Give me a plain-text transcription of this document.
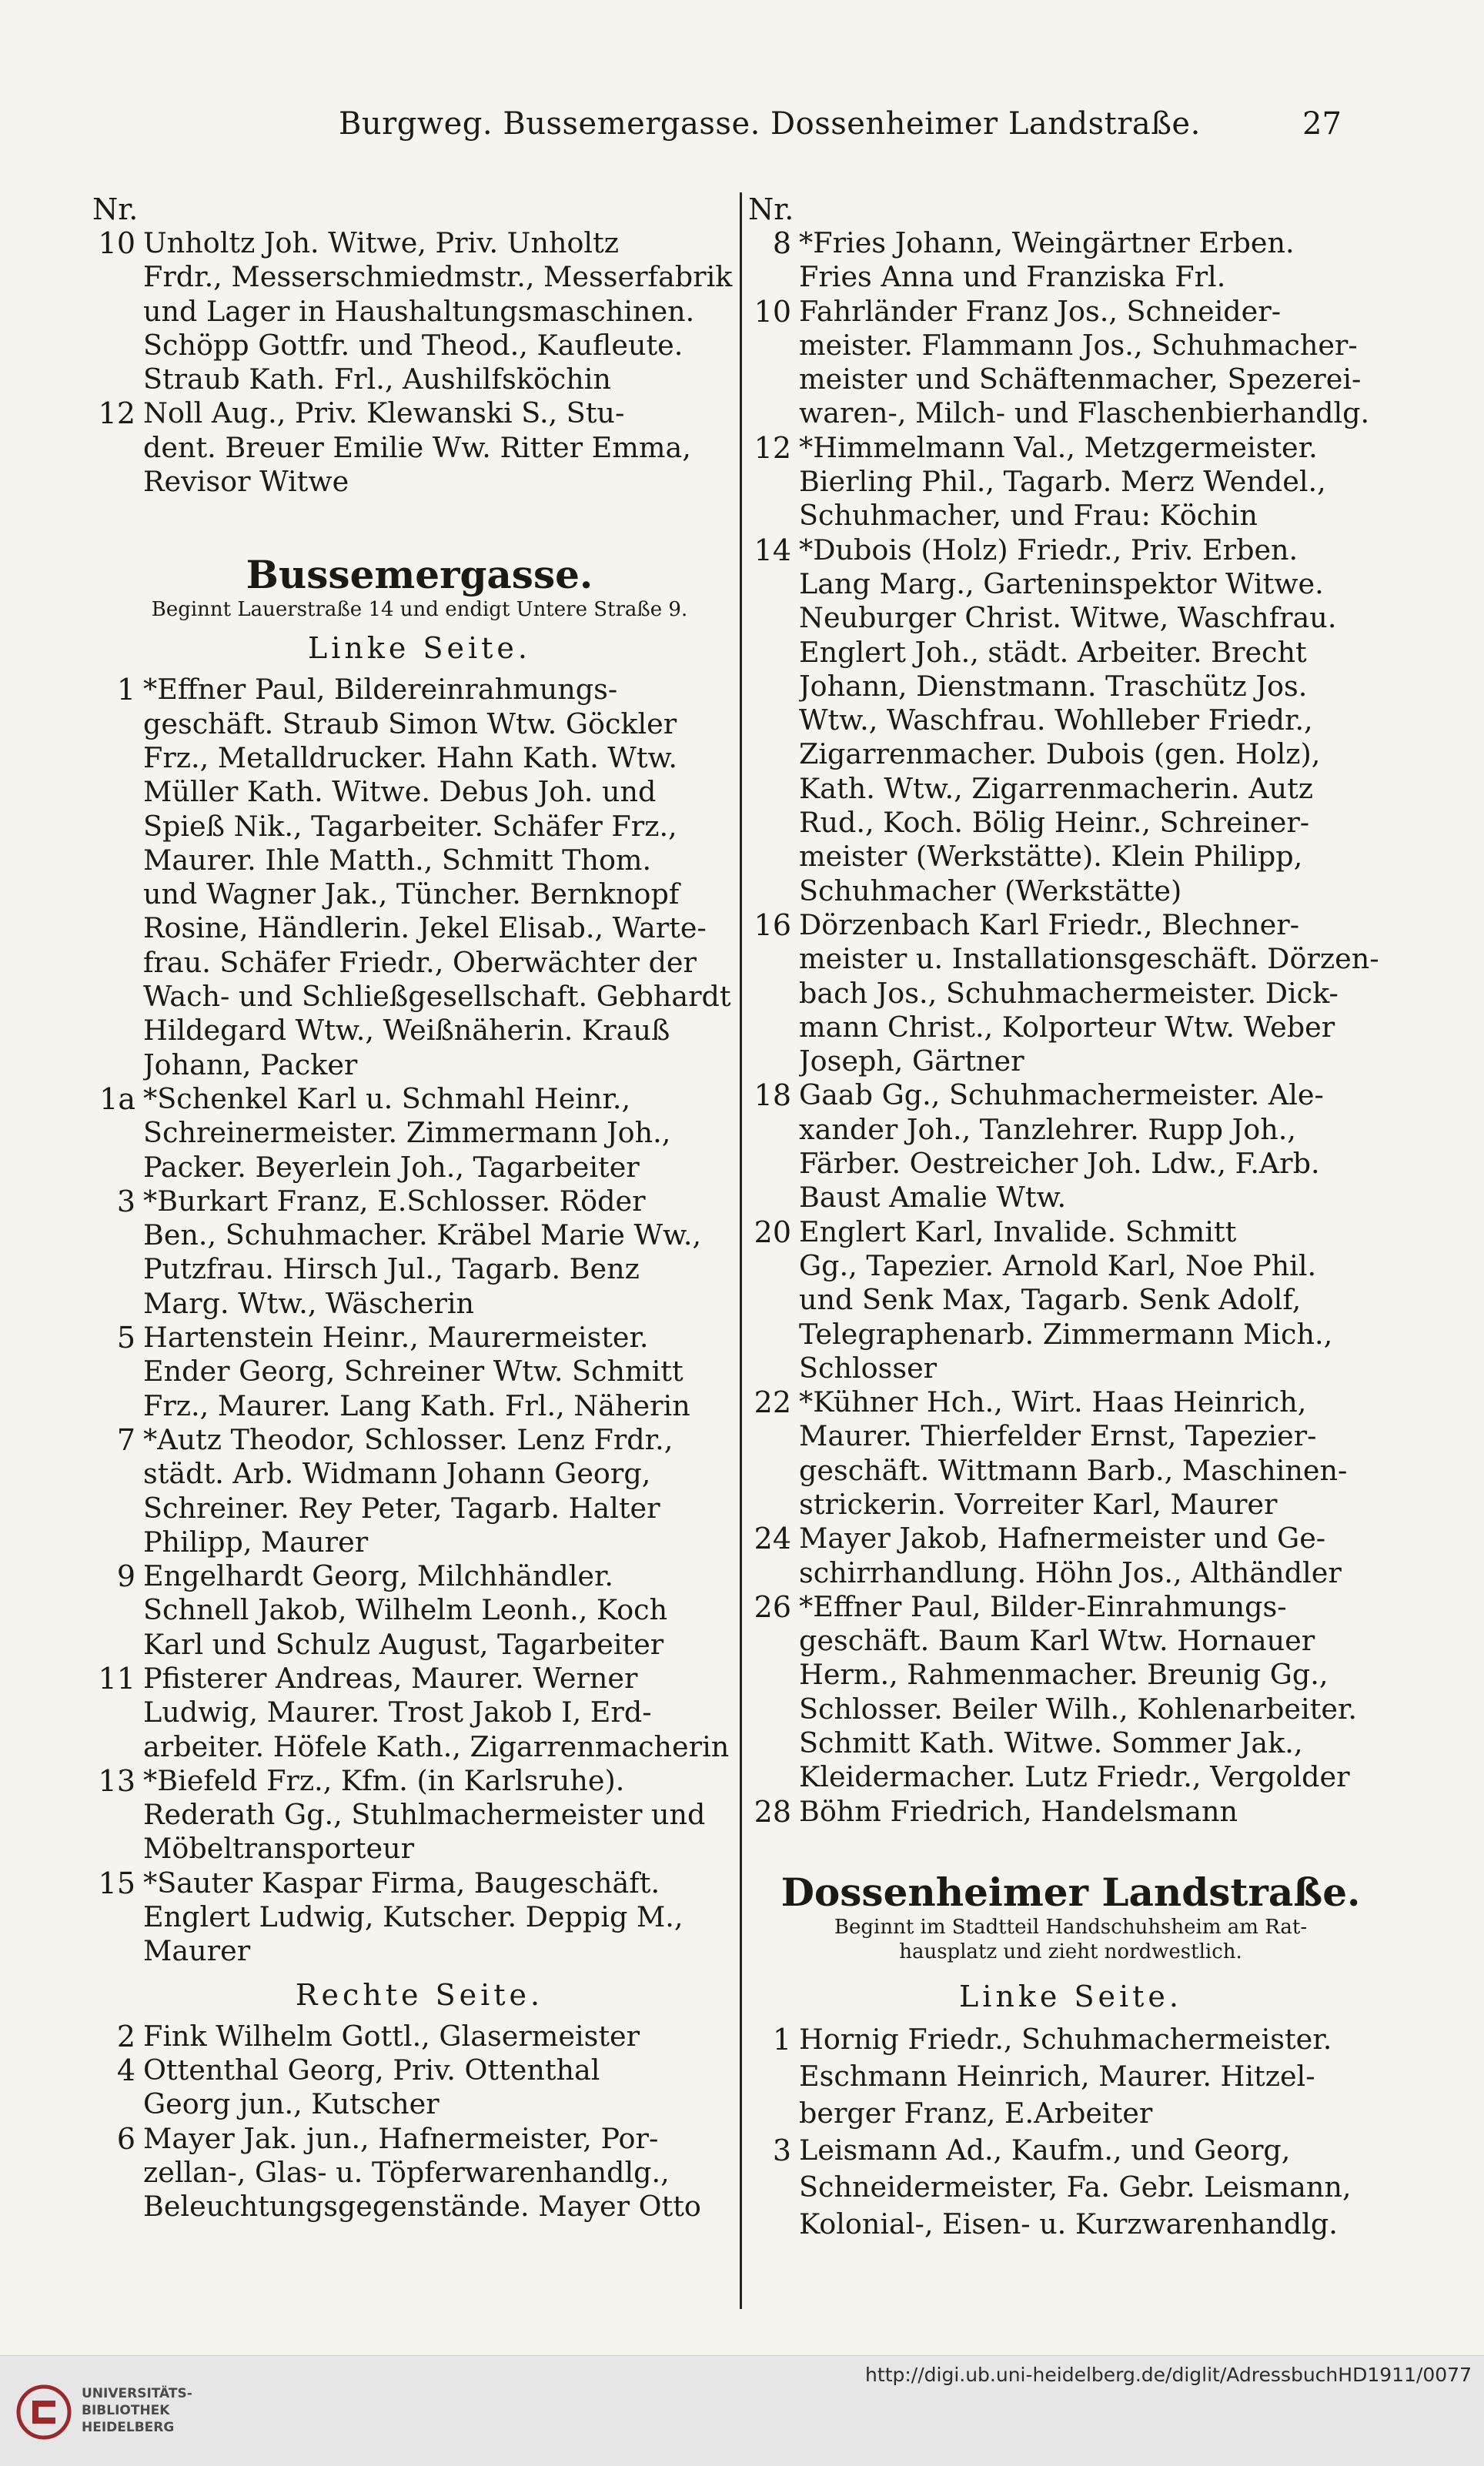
Burgweg. Bussemergasse. Dossenheimer Landstraße.	27
Nr.
10 Unholtz Joh. Witwe, Priv. Unholtz
Frdr., Messerschmiedmstr., Messerfabrik
und Lager in Haushaltungsmaschinen.
Schöpp Gottfr. und Theod., Kaufleute.
Straub Kath. Frl., Aushilfsköchin
12 Noll Aug., Priv. Klewanski S., Stu-
dent. Breuer Emilie Ww. Ritter Emma,
Revisor Witwe
Bussemergasse.
Beginnt Lauerstraße 14 und endigt Untere Straße 9.
Linke Seite.
1 *Effner Paul, Bildereinrahmungs-
geschäft. Straub Simon Wtw. Göckler
Frz., Metalldrucker. Hahn Kath. Wtw.
Müller Kath. Witwe. Debus Joh. und
Spieß Nik., Tagarbeiter. Schäfer Frz.,
Maurer. Ihle Matth., Schmitt Thom.
und Wagner Jak., Tüncher. Bernknopf
Rosine, Händlerin. Jekel Elisab., Warte-
frau. Schäfer Friedr., Oberwächter der
Wach- und Schließgesellschaft. Gebhardt
Hildegard Wtw., Weißnäherin. Krauß
Johann, Packer
1a *Schenkel Karl u. Schmahl Heinr.,
Schreinermeister. Zimmermann Joh.,
Packer. Beyerlein Joh., Tagarbeiter
3 *Burkart Franz, E.Schlosser. Röder
Ben., Schuhmacher. Kräbel Marie Ww.,
Putzfrau. Hirsch Jul., Tagarb. Benz
Marg. Wtw., Wäscherin
5 Hartenstein Heinr., Maurermeister.
Ender Georg, Schreiner Wtw. Schmitt
Frz., Maurer. Lang Kath. Frl., Näherin
7 *Autz Theodor, Schlosser. Lenz Frdr.,
städt. Arb. Widmann Johann Georg,
Schreiner. Rey Peter, Tagarb. Halter
Philipp, Maurer
9 Engelhardt Georg, Milchhändler.
Schnell Jakob, Wilhelm Leonh., Koch
Karl und Schulz August, Tagarbeiter
11 Pfisterer Andreas, Maurer. Werner
Ludwig, Maurer. Trost Jakob I, Erd-
arbeiter. Höfele Kath., Zigarrenmacherin
13 *Biefeld Frz., Kfm. (in Karlsruhe).
Rederath Gg., Stuhlmachermeister und
Möbeltransporteur
15 *Sauter Kaspar Firma, Baugeschäft.
Englert Ludwig, Kutscher. Deppig M.,
Maurer
Rechte Seite.
2 Fink Wilhelm Gottl., Glasermeister
4 Ottenthal Georg, Priv. Ottenthal
Georg jun., Kutscher
6 Mayer Jak. jun., Hafnermeister, Por-
zellan-, Glas- u. Töpferwarenhandlg.,
Beleuchtungsgegenstände. Mayer Otto
Nr.
8 *Fries Johann, Weingärtner Erben.
Fries Anna und Franziska Frl.
10 Fahrländer Franz Jos., Schneider-
meister. Flammann Jos., Schuhmacher-
meister und Schäftenmacher, Spezerei-
waren-, Milch- und Flaschenbierhandlg.
12 *Himmelmann Val., Metzgermeister.
Bierling Phil., Tagarb. Merz Wendel.,
Schuhmacher, und Frau: Köchin
14 *Dubois (Holz) Friedr., Priv. Erben.
Lang Marg., Garteninspektor Witwe.
Neuburger Christ. Witwe, Waschfrau.
Englert Joh., städt. Arbeiter. Brecht
Johann, Dienstmann. Traschütz Jos.
Wtw., Waschfrau. Wohlleber Friedr.,
Zigarrenmacher. Dubois (gen. Holz),
Kath. Wtw., Zigarrenmacherin. Autz
Rud., Koch. Bölig Heinr., Schreiner-
meister (Werkstätte). Klein Philipp,
Schuhmacher (Werkstätte)
16 Dörzenbach Karl Friedr., Blechner-
meister u. Installationsgeschäft. Dörzen-
bach Jos., Schuhmachermeister. Dick-
mann Christ., Kolporteur Wtw. Weber
Joseph, Gärtner
18 Gaab Gg., Schuhmachermeister. Ale-
xander Joh., Tanzlehrer. Rupp Joh.,
Färber. Oestreicher Joh. Ldw., F.Arb.
Baust Amalie Wtw.
20 Englert Karl, Invalide. Schmitt
Gg., Tapezier. Arnold Karl, Noe Phil.
und Senk Max, Tagarb. Senk Adolf,
Telegraphenarb. Zimmermann Mich.,
Schlosser
22 *Kühner Hch., Wirt. Haas Heinrich,
Maurer. Thierfelder Ernst, Tapezier-
geschäft. Wittmann Barb., Maschinen-
strickerin. Vorreiter Karl, Maurer
24 Mayer Jakob, Hafnermeister und Ge-
schirrhandlung. Höhn Jos., Althändler
26 *Effner Paul, Bilder-Einrahmungs-
geschäft. Baum Karl Wtw. Hornauer
Herm., Rahmenmacher. Breunig Gg.,
Schlosser. Beiler Wilh., Kohlenarbeiter.
Schmitt Kath. Witwe. Sommer Jak.,
Kleidermacher. Lutz Friedr., Vergolder
28 Böhm Friedrich, Handelsmann
Dossenheimer Landstraße.
Beginnt im Stadtteil Handschuhsheim am Rat-
hausplatz und zieht nordwestlich.
Linke Seite.
1 Hornig Friedr., Schuhmachermeister.
Eschmann Heinrich, Maurer. Hitzel-
berger Franz, E.Arbeiter
3 Leismann Ad., Kaufm., und Georg,
Schneidermeister, Fa. Gebr. Leismann,
Kolonial-, Eisen- u. Kurzwarenhandlg.
UNIVERSITÄTS-
BIBLIOTHEK
HEIDELBERG
http://digi.ub.uni-heidelberg.de/diglit/AdressbuchHD1911/0077
